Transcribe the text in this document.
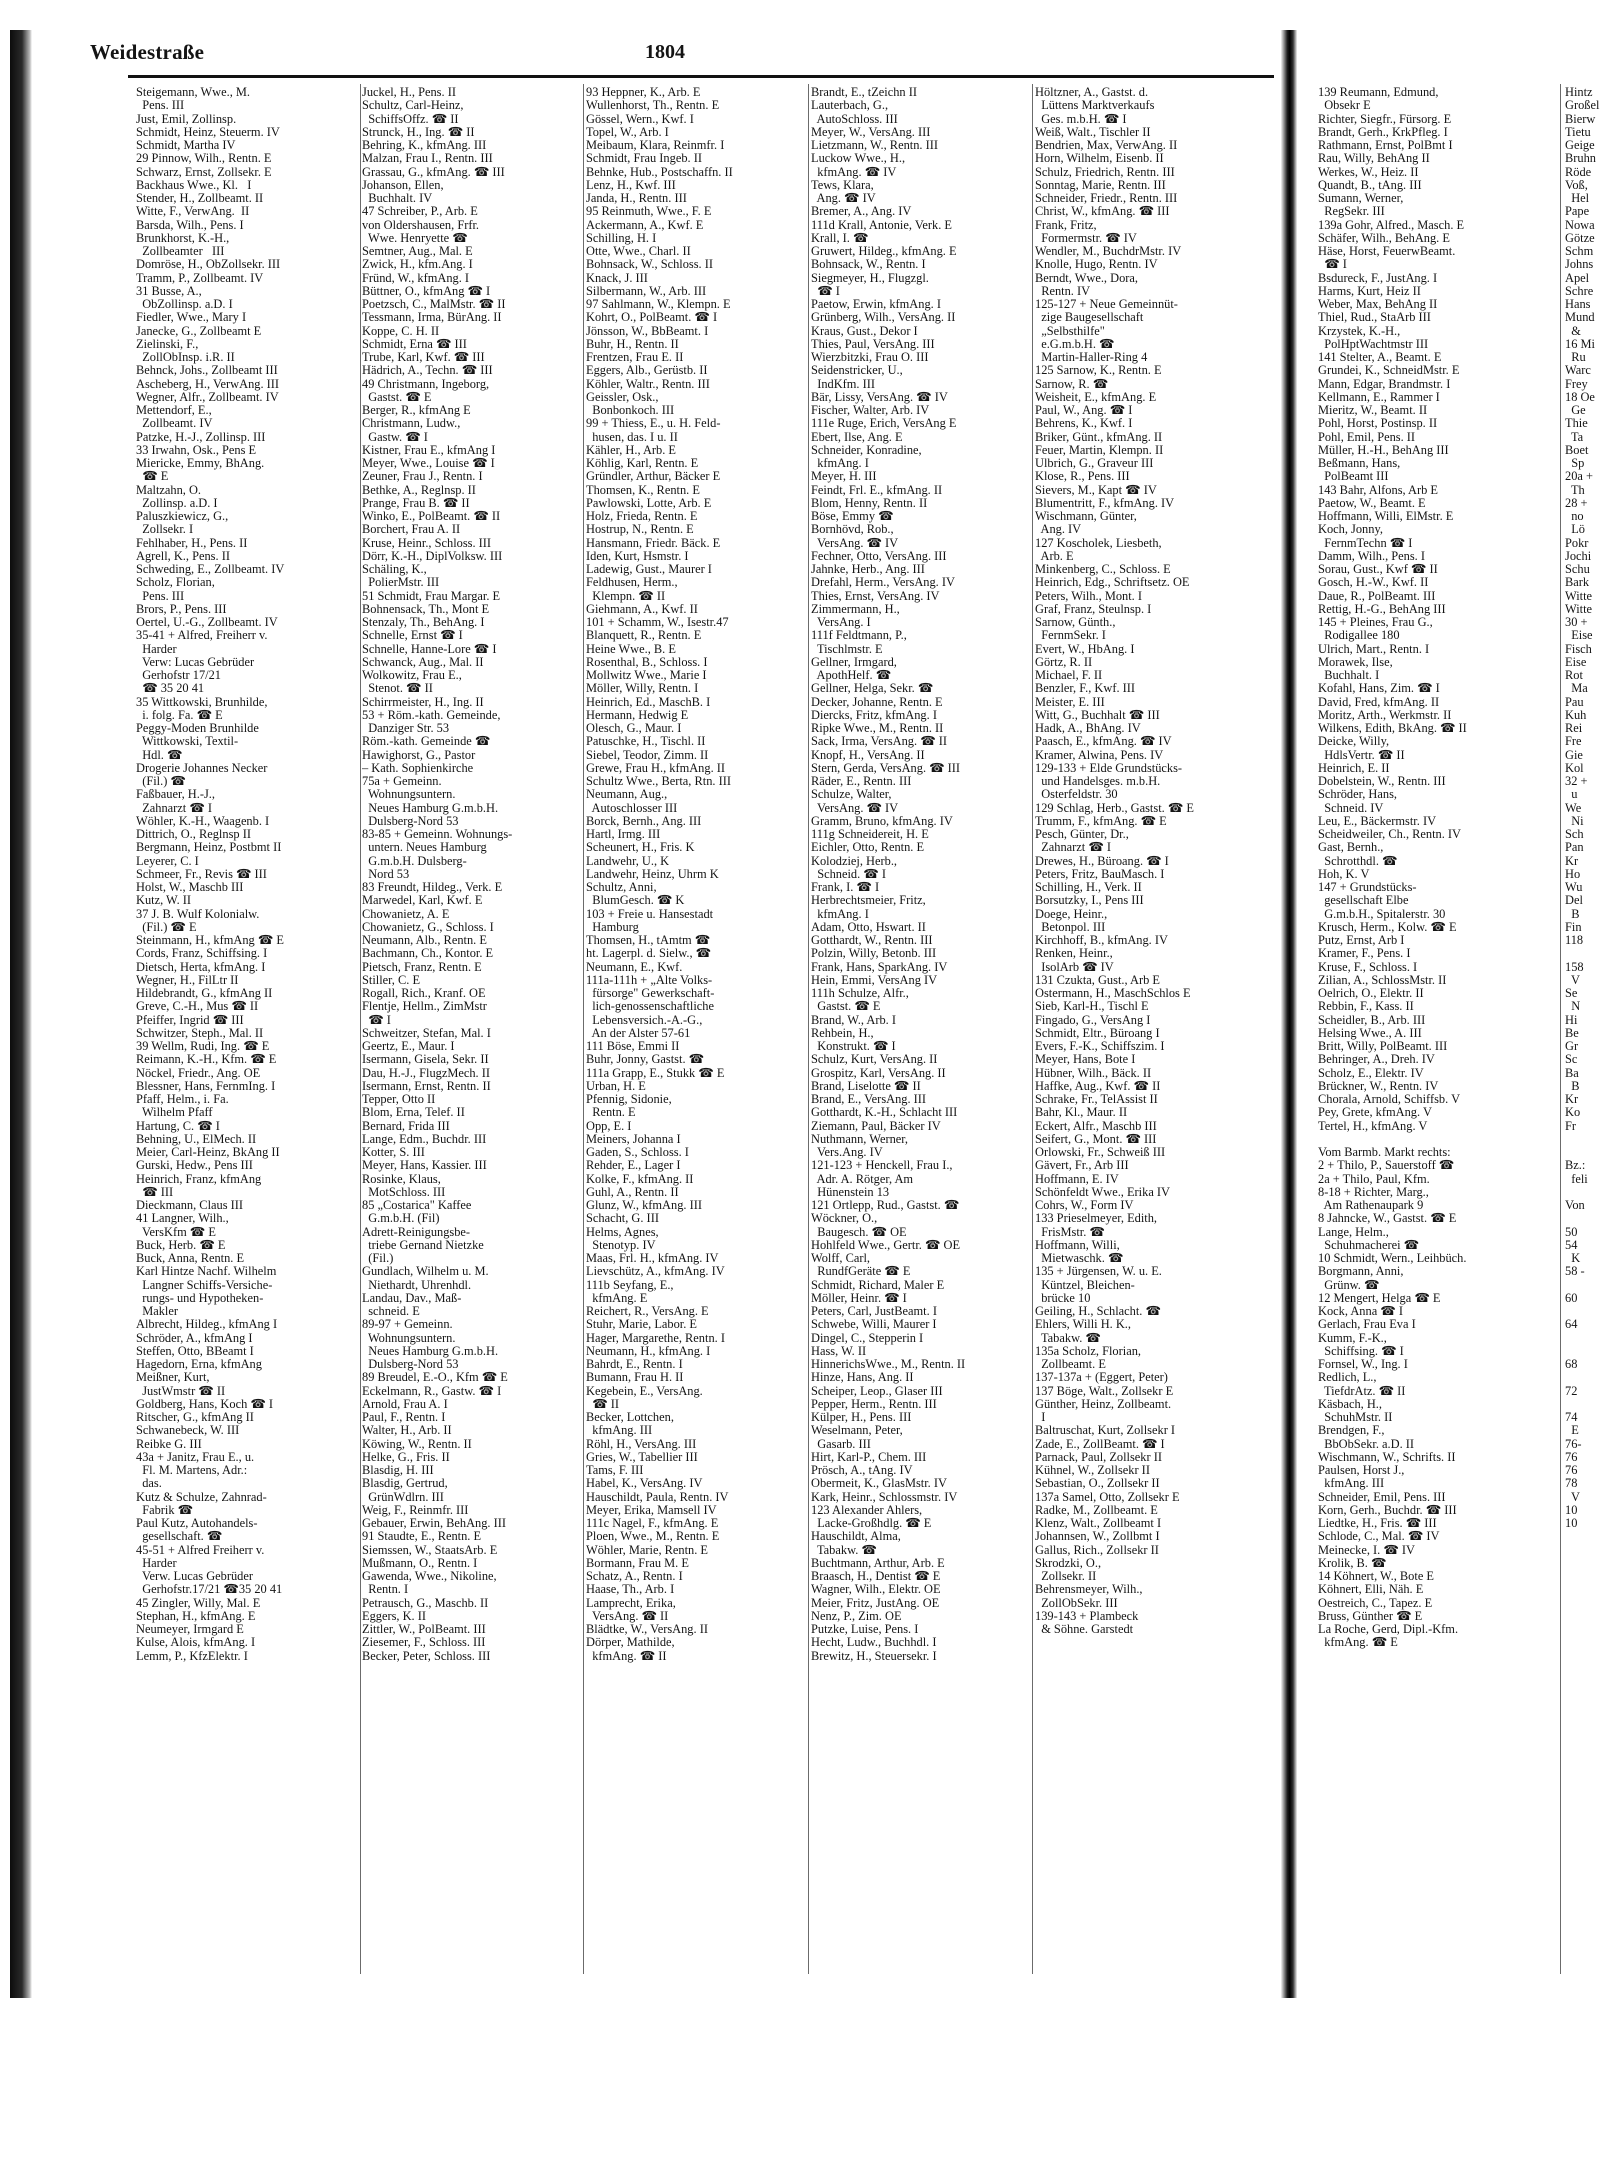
Weidestraße	1804
Steigemann, Wwe., M.
Pens. III
Just, Emil, Zollinsp.
Schmidt, Heinz, Steuerm. IV
Schmidt, Martha IV
29 Pinnow, Wilh., Rentn. E
Schwarz, Ernst, Zollsekr. E
Backhaus Wwe., Kl.   I
Stender, H., Zollbeamt. II
Witte, F., VerwAng.  II
Barsda, Wilh., Pens. I
Brunkhorst, K.-H.,
Zollbeamter   III
Domröse, H., ObZollsekr. III
Tramm, P., Zollbeamt. IV
31 Busse, A.,
ObZollinsp. a.D. I
Fiedler, Wwe., Mary I
Janecke, G., Zollbeamt E
Zielinski, F.,
ZollObInsp. i.R. II
Behnck, Johs., Zollbeamt III
Ascheberg, H., VerwAng. III
Wegner, Alfr., Zollbeamt. IV
Mettendorf, E.,
Zollbeamt. IV
Patzke, H.-J., Zollinsp. III
33 Irwahn, Osk., Pens E
Miericke, Emmy, BhAng.
☎ E
Maltzahn, O.
Zollinsp. a.D. I
Paluszkiewicz, G.,
Zollsekr. I
Fehlhaber, H., Pens. II
Agrell, K., Pens. II
Schweding, E., Zollbeamt. IV
Scholz, Florian,
Pens. III
Brors, P., Pens. III
Oertel, U.-G., Zollbeamt. IV
35-41 + Alfred, Freiherr v.
Harder
Verw: Lucas Gebrüder
Gerhofstr 17/21
☎ 35 20 41
35 Wittkowski, Brunhilde,
i. folg. Fa. ☎ E
Peggy-Moden Brunhilde
Wittkowski, Textil-
Hdl. ☎
Drogerie Johannes Necker
(Fil.) ☎
Faßbauer, H.-J.,
Zahnarzt ☎ I
Wöhler, K.-H., Waagenb. I
Dittrich, O., Reglnsp II
Bergmann, Heinz, Postbmt II
Leyerer, C. I
Schmeer, Fr., Revis ☎ III
Holst, W., Maschb III
Kutz, W. II
37 J. B. Wulf Kolonialw.
(Fil.) ☎ E
Steinmann, H., kfmAng ☎ E
Cords, Franz, Schiffsing. I
Dietsch, Herta, kfmAng. I
Wegner, H., FilLtr II
Hildebrandt, G., kfmAng II
Greve, C.-H., Mus ☎ II
Pfeiffer, Ingrid ☎ III
Schwitzer, Steph., Mal. II
39 Wellm, Rudi, Ing. ☎ E
Reimann, K.-H., Kfm. ☎ E
Nöckel, Friedr., Ang. OE
Blessner, Hans, FernmIng. I
Pfaff, Helm., i. Fa.
Wilhelm Pfaff
Hartung, C. ☎ I
Behning, U., ElMech. II
Meier, Carl-Heinz, BkAng II
Gurski, Hedw., Pens III
Heinrich, Franz, kfmAng
☎ III
Dieckmann, Claus III
41 Langner, Wilh.,
VersKfm ☎ E
Buck, Herb. ☎ E
Buck, Anna, Rentn. E
Karl Hintze Nachf. Wilhelm
Langner Schiffs-Versiche-
rungs- und Hypotheken-
Makler
Albrecht, Hildeg., kfmAng I
Schröder, A., kfmAng I
Steffen, Otto, BBeamt I
Hagedorn, Erna, kfmAng
Meißner, Kurt,
JustWmstr ☎ II
Goldberg, Hans, Koch ☎ I
Ritscher, G., kfmAng II
Schwanebeck, W. III
Reibke G. III
43a + Janitz, Frau E., u.
Fl. M. Martens, Adr.:
das.
Kutz & Schulze, Zahnrad-
Fabrik ☎
Paul Kutz, Autohandels-
gesellschaft. ☎
45-51 + Alfred Freiherr v.
Harder
Verw. Lucas Gebrüder
Gerhofstr.17/21 ☎35 20 41
45 Zingler, Willy, Mal. E
Stephan, H., kfmAng. E
Neumeyer, Irmgard E
Kulse, Alois, kfmAng. I
Lemm, P., KfzElektr. I
Juckel, H., Pens. II
Schultz, Carl-Heinz,
SchiffsOffz. ☎ II
Strunck, H., Ing. ☎ II
Behring, K., kfmAng. III
Malzan, Frau I., Rentn. III
Grassau, G., kfmAng. ☎ III
Johanson, Ellen,
Buchhalt. IV
47 Schreiber, P., Arb. E
von Oldershausen, Frfr.
Wwe. Henryette ☎
Semtner, Aug., Mal. E
Zwick, H., kfm.Ang. I
Fründ, W., kfmAng. I
Büttner, O., kfmAng ☎ I
Poetzsch, C., MalMstr. ☎ II
Tessmann, Irma, BürAng. II
Koppe, C. H. II
Schmidt, Erna ☎ III
Trube, Karl, Kwf. ☎ III
Hädrich, A., Techn. ☎ III
49 Christmann, Ingeborg,
Gastst. ☎ E
Berger, R., kfmAng E
Christmann, Ludw.,
Gastw. ☎ I
Kistner, Frau E., kfmAng I
Meyer, Wwe., Louise ☎ I
Zeuner, Frau J., Rentn. I
Bethke, A., Reglnsp. II
Prange, Frau B. ☎ II
Winko, E., PolBeamt. ☎ II
Borchert, Frau A. II
Kruse, Heinr., Schloss. III
Dörr, K.-H., DiplVolksw. III
Schäling, K.,
PolierMstr. III
51 Schmidt, Frau Margar. E
Bohnensack, Th., Mont E
Stenzaly, Th., BehAng. I
Schnelle, Ernst ☎ I
Schnelle, Hanne-Lore ☎ I
Schwanck, Aug., Mal. II
Wolkowitz, Frau E.,
Stenot. ☎ II
Schirrmeister, H., Ing. II
53 + Röm.-kath. Gemeinde,
Danziger Str. 53
Röm.-kath. Gemeinde ☎
Hawighorst, G., Pastor
– Kath. Sophienkirche
75a + Gemeinn.
Wohnungsuntern.
Neues Hamburg G.m.b.H.
Dulsberg-Nord 53
83-85 + Gemeinn. Wohnungs-
untern. Neues Hamburg
G.m.b.H. Dulsberg-
Nord 53
83 Freundt, Hildeg., Verk. E
Marwedel, Karl, Kwf. E
Chowanietz, A. E
Chowanietz, G., Schloss. I
Neumann, Alb., Rentn. E
Bachmann, Ch., Kontor. E
Pietsch, Franz, Rentn. E
Stiller, C. E
Rogall, Rich., Kranf. OE
Flentje, Hellm., ZimMstr
☎ I
Schweitzer, Stefan, Mal. I
Geertz, E., Maur. I
Isermann, Gisela, Sekr. II
Dau, H.-J., FlugzMech. II
Isermann, Ernst, Rentn. II
Tepper, Otto II
Blom, Erna, Telef. II
Bernard, Frida III
Lange, Edm., Buchdr. III
Kotter, S. III
Meyer, Hans, Kassier. III
Rosinke, Klaus,
MotSchloss. III
85 „Costarica" Kaffee
G.m.b.H. (Fil)
Adrett-Reinigungsbe-
triebe Gernand Nietzke
(Fil.)
Gundlach, Wilhelm u. M.
Niethardt, Uhrenhdl.
Landau, Dav., Maß-
schneid. E
89-97 + Gemeinn.
Wohnungsuntern.
Neues Hamburg G.m.b.H.
Dulsberg-Nord 53
89 Breudel, E.-O., Kfm ☎ E
Eckelmann, R., Gastw. ☎ I
Arnold, Frau A. I
Paul, F., Rentn. I
Walter, H., Arb. II
Köwing, W., Rentn. II
Helke, G., Fris. II
Blasdig, H. III
Blasdig, Gertrud,
GrünWdlrn. III
Weig, F., Reinmfr. III
Gebauer, Erwin, BehAng. III
91 Staudte, E., Rentn. E
Siemssen, W., StaatsArb. E
Mußmann, O., Rentn. I
Gawenda, Wwe., Nikoline,
Rentn. I
Petrausch, G., Maschb. II
Eggers, K. II
Zittler, W., PolBeamt. III
Ziesemer, F., Schloss. III
Becker, Peter, Schloss. III
93 Heppner, K., Arb. E
Wullenhorst, Th., Rentn. E
Gössel, Wern., Kwf. I
Topel, W., Arb. I
Meibaum, Klara, Reinmfr. I
Schmidt, Frau Ingeb. II
Behnke, Hub., Postschaffn. II
Lenz, H., Kwf. III
Janda, H., Rentn. III
95 Reinmuth, Wwe., F. E
Ackermann, A., Kwf. E
Schilling, H. I
Otte, Wwe., Charl. II
Bohnsack, W., Schloss. II
Knack, J. III
Silbermann, W., Arb. III
97 Sahlmann, W., Klempn. E
Kohrt, O., PolBeamt. ☎ I
Jönsson, W., BbBeamt. I
Buhr, H., Rentn. II
Frentzen, Frau E. II
Eggers, Alb., Gerüstb. II
Köhler, Waltr., Rentn. III
Geissler, Osk.,
Bonbonkoch. III
99 + Thiess, E., u. H. Feld-
husen, das. I u. II
Kähler, H., Arb. E
Köhlig, Karl, Rentn. E
Gründler, Arthur, Bäcker E
Thomsen, K., Rentn. E
Pawlowski, Lotte, Arb. E
Holz, Frieda, Rentn. E
Hostrup, N., Rentn. E
Hansmann, Friedr. Bäck. E
Iden, Kurt, Hsmstr. I
Ladewig, Gust., Maurer I
Feldhusen, Herm.,
Klempn. ☎ II
Giehmann, A., Kwf. II
101 + Schamm, W., Isestr.47
Blanquett, R., Rentn. E
Heine Wwe., B. E
Rosenthal, B., Schloss. I
Mollwitz Wwe., Marie I
Möller, Willy, Rentn. I
Heinrich, Ed., MaschB. I
Hermann, Hedwig E
Olesch, G., Maur. I
Patuschke, H., Tischl. II
Siebel, Teodor, Zimm. II
Grewe, Frau H., kfmAng. II
Schultz Wwe., Berta, Rtn. III
Neumann, Aug.,
Autoschlosser III
Borck, Bernh., Ang. III
Hartl, Irmg. III
Scheunert, H., Fris. K
Landwehr, U., K
Landwehr, Heinz, Uhrm K
Schultz, Anni,
BlumGesch. ☎ K
103 + Freie u. Hansestadt
Hamburg
Thomsen, H., tAmtm ☎
ht. Lagerpl. d. Sielw., ☎
Neumann, E., Kwf.
111a-111h + „Alte Volks-
fürsorge" Gewerkschaft-
lich-genossenschaftliche
Lebensversich.-A.-G.,
An der Alster 57-61
111 Böse, Emmi II
Buhr, Jonny, Gastst. ☎
111a Grapp, E., Stukk ☎ E
Urban, H. E
Pfennig, Sidonie,
Rentn. E
Opp, E. I
Meiners, Johanna I
Gaden, S., Schloss. I
Rehder, E., Lager I
Kolke, F., kfmAng. II
Guhl, A., Rentn. II
Glunz, W., kfmAng. III
Schacht, G. III
Helms, Agnes,
Stenotyp. IV
Maas, Frl. H., kfmAng. IV
Lievschütz, A., kfmAng. IV
111b Seyfang, E.,
kfmAng. E
Reichert, R., VersAng. E
Stuhr, Marie, Labor. E
Hager, Margarethe, Rentn. I
Neumann, H., kfmAng. I
Bahrdt, E., Rentn. I
Bumann, Frau H. II
Kegebein, E., VersAng.
☎ II
Becker, Lottchen,
kfmAng. III
Röhl, H., VersAng. III
Gries, W., Tabellier III
Tams, F. III
Habel, K., VersAng. IV
Hauschildt, Paula, Rentn. IV
Meyer, Erika, Mamsell IV
111c Nagel, F., kfmAng. E
Ploen, Wwe., M., Rentn. E
Wöhler, Marie, Rentn. E
Bormann, Frau M. E
Schatz, A., Rentn. I
Haase, Th., Arb. I
Lamprecht, Erika,
VersAng. ☎ II
Blädtke, W., VersAng. II
Dörper, Mathilde,
kfmAng. ☎ II
Brandt, E., tZeichn II
Lauterbach, G.,
AutoSchloss. III
Meyer, W., VersAng. III
Lietzmann, W., Rentn. III
Luckow Wwe., H.,
kfmAng. ☎ IV
Tews, Klara,
Ang. ☎ IV
Bremer, A., Ang. IV
111d Krall, Antonie, Verk. E
Krall, I. ☎
Gruwert, Hildeg., kfmAng. E
Bohnsack, W., Rentn. I
Siegmeyer, H., Flugzgl.
☎ I
Paetow, Erwin, kfmAng. I
Grünberg, Wilh., VersAng. II
Kraus, Gust., Dekor I
Thies, Paul, VersAng. III
Wierzbitzki, Frau O. III
Seidenstricker, U.,
IndKfm. III
Bär, Lissy, VersAng. ☎ IV
Fischer, Walter, Arb. IV
111e Ruge, Erich, VersAng E
Ebert, Ilse, Ang. E
Schneider, Konradine,
kfmAng. I
Meyer, H. III
Feindt, Frl. E., kfmAng. II
Blom, Henny, Rentn. II
Böse, Emmy ☎
Bornhövd, Rob.,
VersAng. ☎ IV
Fechner, Otto, VersAng. III
Jahnke, Herb., Ang. III
Drefahl, Herm., VersAng. IV
Thies, Ernst, VersAng. IV
Zimmermann, H.,
VersAng. I
111f Feldtmann, P.,
Tischlmstr. E
Gellner, Irmgard,
ApothHelf. ☎
Gellner, Helga, Sekr. ☎
Decker, Johanne, Rentn. E
Diercks, Fritz, kfmAng. I
Ripke Wwe., M., Rentn. II
Sack, Irma, VersAng. ☎ II
Knopf, H., VersAng. II
Stern, Gerda, VersAng. ☎ III
Räder, E., Rentn. III
Schulze, Walter,
VersAng. ☎ IV
Gramm, Bruno, kfmAng. IV
111g Schneidereit, H. E
Eichler, Otto, Rentn. E
Kolodziej, Herb.,
Schneid. ☎ I
Frank, I. ☎ I
Herbrechtsmeier, Fritz,
kfmAng. I
Adam, Otto, Hswart. II
Gotthardt, W., Rentn. III
Polzin, Willy, Betonb. III
Frank, Hans, SparkAng. IV
Hein, Emmi, VersAng IV
111h Schulze, Alfr.,
Gastst. ☎ E
Brand, W., Arb. I
Rehbein, H.,
Konstrukt. ☎ I
Schulz, Kurt, VersAng. II
Grospitz, Karl, VersAng. II
Brand, Liselotte ☎ II
Brand, E., VersAng. III
Gotthardt, K.-H., Schlacht III
Ziemann, Paul, Bäcker IV
Nuthmann, Werner,
Vers.Ang. IV
121-123 + Henckell, Frau I.,
Adr. A. Rötger, Am
Hünenstein 13
121 Ortlepp, Rud., Gastst. ☎
Wöckner, O.,
Baugesch. ☎ OE
Hohlfeld Wwe., Gertr. ☎ OE
Wolff, Carl,
RundfGeräte ☎ E
Schmidt, Richard, Maler E
Möller, Heinr. ☎ I
Peters, Carl, JustBeamt. I
Schwebe, Willi, Maurer I
Dingel, C., Stepperin I
Hass, W. II
HinnerichsWwe., M., Rentn. II
Hinze, Hans, Ang. II
Scheiper, Leop., Glaser III
Pepper, Herm., Rentn. III
Külper, H., Pens. III
Weselmann, Peter,
Gasarb. III
Hirt, Karl-P., Chem. III
Prösch, A., tAng. IV
Obermeit, K., GlasMstr. IV
Kark, Heinr., Schlossmstr. IV
123 Alexander Ahlers,
Lacke-Großhdlg. ☎ E
Hauschildt, Alma,
Tabakw. ☎
Buchtmann, Arthur, Arb. E
Braasch, H., Dentist ☎ E
Wagner, Wilh., Elektr. OE
Meier, Fritz, JustAng. OE
Nenz, P., Zim. OE
Putzke, Luise, Pens. I
Hecht, Ludw., Buchhdl. I
Brewitz, H., Steuersekr. I
Höltzner, A., Gastst. d.
Lüttens Marktverkaufs
Ges. m.b.H. ☎ I
Weiß, Walt., Tischler II
Bendrien, Max, VerwAng. II
Horn, Wilhelm, Eisenb. II
Schulz, Friedrich, Rentn. III
Sonntag, Marie, Rentn. III
Schneider, Friedr., Rentn. III
Christ, W., kfmAng. ☎ III
Frank, Fritz,
Formermstr. ☎ IV
Wendler, M., BuchdrMstr. IV
Knolle, Hugo, Rentn. IV
Berndt, Wwe., Dora,
Rentn. IV
125-127 + Neue Gemeinnüt-
zige Baugesellschaft
„Selbsthilfe"
e.G.m.b.H. ☎
Martin-Haller-Ring 4
125 Sarnow, K., Rentn. E
Sarnow, R. ☎
Weisheit, E., kfmAng. E
Paul, W., Ang. ☎ I
Behrens, K., Kwf. I
Briker, Günt., kfmAng. II
Feuer, Martin, Klempn. II
Ulbrich, G., Graveur III
Klose, R., Pens. III
Sievers, M., Kapt ☎ IV
Blumentritt, F., kfmAng. IV
Wischmann, Günter,
Ang. IV
127 Koscholek, Liesbeth,
Arb. E
Minkenberg, C., Schloss. E
Heinrich, Edg., Schriftsetz. OE
Peters, Wilh., Mont. I
Graf, Franz, Steulnsp. I
Sarnow, Günth.,
FernmSekr. I
Evert, W., HbAng. I
Görtz, R. II
Michael, F. II
Benzler, F., Kwf. III
Meister, E. III
Witt, G., Buchhalt ☎ III
Hadk, A., BhAng. IV
Paasch, E., kfmAng. ☎ IV
Kramer, Alwina, Pens. IV
129-133 + Elde Grundstücks-
und Handelsges. m.b.H.
Osterfeldstr. 30
129 Schlag, Herb., Gastst. ☎ E
Trumm, F., kfmAng. ☎ E
Pesch, Günter, Dr.,
Zahnarzt ☎ I
Drewes, H., Büroang. ☎ I
Peters, Fritz, BauMasch. I
Schilling, H., Verk. II
Borsutzky, I., Pens III
Doege, Heinr.,
Betonpol. III
Kirchhoff, B., kfmAng. IV
Renken, Heinr.,
IsolArb ☎ IV
131 Czukta, Gust., Arb E
Ostermann, H., MaschSchlos E
Sieb, Karl-H., Tischl E
Fingado, G., VersAng I
Schmidt, Eltr., Büroang I
Evers, F.-K., Schiffszim. I
Meyer, Hans, Bote I
Hübner, Wilh., Bäck. II
Haffke, Aug., Kwf. ☎ II
Schrake, Fr., TelAssist II
Bahr, Kl., Maur. II
Eckert, Alfr., Maschb III
Seifert, G., Mont. ☎ III
Orlowski, Fr., Schweiß III
Gävert, Fr., Arb III
Hoffmann, E. IV
Schönfeldt Wwe., Erika IV
Cohrs, W., Form IV
133 Prieselmeyer, Edith,
FrisMstr. ☎
Hoffmann, Willi,
Mietwaschk. ☎
135 + Jürgensen, W. u. E.
Küntzel, Bleichen-
brücke 10
Geiling, H., Schlacht. ☎
Ehlers, Willi H. K.,
Tabakw. ☎
135a Scholz, Florian,
Zollbeamt. E
137-137a + (Eggert, Peter)
137 Böge, Walt., Zollsekr E
Günther, Heinz, Zollbeamt.
I
Baltruschat, Kurt, Zollsekr I
Zade, E., ZollBeamt. ☎ I
Parnack, Paul, Zollsekr II
Kühnel, W., Zollsekr II
Sebastian, O., Zollsekr II
137a Samel, Otto, Zollsekr E
Radke, M., Zollbeamt. E
Klenz, Walt., Zollbeamt I
Johannsen, W., Zollbmt I
Gallus, Rich., Zollsekr II
Skrodzki, O.,
Zollsekr. II
Behrensmeyer, Wilh.,
ZollObSekr. III
139-143 + Plambeck
& Söhne. Garstedt
139 Reumann, Edmund,
Obsekr E
Richter, Siegfr., Fürsorg. E
Brandt, Gerh., KrkPfleg. I
Rathmann, Ernst, PolBmt I
Rau, Willy, BehAng II
Werkes, W., Heiz. II
Quandt, B., tAng. III
Sumann, Werner,
RegSekr. III
139a Gohr, Alfred., Masch. E
Schäfer, Wilh., BehAng. E
Häse, Horst, FeuerwBeamt.
☎ I
Bsdureck, F., JustAng. I
Harms, Kurt, Heiz II
Weber, Max, BehAng II
Thiel, Rud., StaArb III
Krzystek, K.-H.,
PolHptWachtmstr III
141 Stelter, A., Beamt. E
Grundei, K., SchneidMstr. E
Mann, Edgar, Brandmstr. I
Kellmann, E., Rammer I
Mieritz, W., Beamt. II
Pohl, Horst, Postinsp. II
Pohl, Emil, Pens. II
Müller, H.-H., BehAng III
Beßmann, Hans,
PolBeamt III
143 Bahr, Alfons, Arb E
Paetow, W., Beamt. E
Hoffmann, Willi, ElMstr. E
Koch, Jonny,
FernmTechn ☎ I
Damm, Wilh., Pens. I
Sorau, Gust., Kwf ☎ II
Gosch, H.-W., Kwf. II
Daue, R., PolBeamt. III
Rettig, H.-G., BehAng III
145 + Pleines, Frau G.,
Rodigallee 180
Ulrich, Mart., Rentn. I
Morawek, Ilse,
Buchhalt. I
Kofahl, Hans, Zim. ☎ I
David, Fred, kfmAng. II
Moritz, Arth., Werkmstr. II
Wilkens, Edith, BkAng. ☎ II
Deicke, Willy,
HdlsVertr. ☎ II
Heinrich, E. II
Dobelstein, W., Rentn. III
Schröder, Hans,
Schneid. IV
Leu, E., Bäckermstr. IV
Scheidweiler, Ch., Rentn. IV
Gast, Bernh.,
Schrotthdl. ☎
Hoh, K. V
147 + Grundstücks-
gesellschaft Elbe
G.m.b.H., Spitalerstr. 30
Krusch, Herm., Kolw. ☎ E
Putz, Ernst, Arb I
Kramer, F., Pens. I
Kruse, F., Schloss. I
Zilian, A., SchlossMstr. II
Oelrich, O., Elektr. II
Rebbin, F., Kass. II
Scheidler, B., Arb. III
Helsing Wwe., A. III
Britt, Willy, PolBeamt. III
Behringer, A., Dreh. IV
Scholz, E., Elektr. IV
Brückner, W., Rentn. IV
Chorala, Arnold, Schiffsb. V
Pey, Grete, kfmAng. V
Tertel, H., kfmAng. V

Vom Barmb. Markt rechts:
2 + Thilo, P., Sauerstoff ☎
2a + Thilo, Paul, Kfm.
8-18 + Richter, Marg.,
Am Rathenaupark 9
8 Jahncke, W., Gastst. ☎ E
Lange, Helm.,
Schuhmacherei ☎
10 Schmidt, Wern., Leihbüch.
Borgmann, Anni,
Grünw. ☎
12 Mengert, Helga ☎ E
Kock, Anna ☎ I
Gerlach, Frau Eva I
Kumm, F.-K.,
Schiffsing. ☎ I
Fornsel, W., Ing. I
Redlich, L.,
TiefdrAtz. ☎ II
Käsbach, H.,
SchuhMstr. II
Brendgen, F.,
BbObSekr. a.D. II
Wischmann, W., Schrifts. II
Paulsen, Horst J.,
kfmAng. III
Schneider, Emil, Pens. III
Korn, Gerh., Buchdr. ☎ III
Liedtke, H., Fris. ☎ III
Schlode, C., Mal. ☎ IV
Meinecke, I. ☎ IV
Krolik, B. ☎
14 Köhnert, W., Bote E
Köhnert, Elli, Näh. E
Oestreich, C., Tapez. E
Bruss, Günther ☎ E
La Roche, Gerd, Dipl.-Kfm.
kfmAng. ☎ E
Hintz
Großel
Bierw
Tietu
Geige
Bruhn
Röde
Voß,
Hel
Pape
Nowa
Götze
Schm
Johns
Apel
Schre
Hans
Mund
&
16 Mi
Ru
Warc
Frey
18 Oe
Ge
Thie
Ta
Boet
Sp
20a +
Th
28 +
no
Lö
Pokr
Jochi
Schu
Bark
Witte
Witte
30 +
Eise
Fisch
Eise
Rot
Ma
Pau
Kuh
Rei
Fre
Gie
Kol
32 +
u
We
Ni
Sch
Pan
Kr
Ho
Wu
Del
B
Fin
118

158
V
Se
N
Hi
Be
Gr
Sc
Ba
B
Kr
Ko
Fr

Bz.:
feli

Von

50
54
K
58 -

60

64

68

72

74
E
76-
76
76
78
V
10
10
